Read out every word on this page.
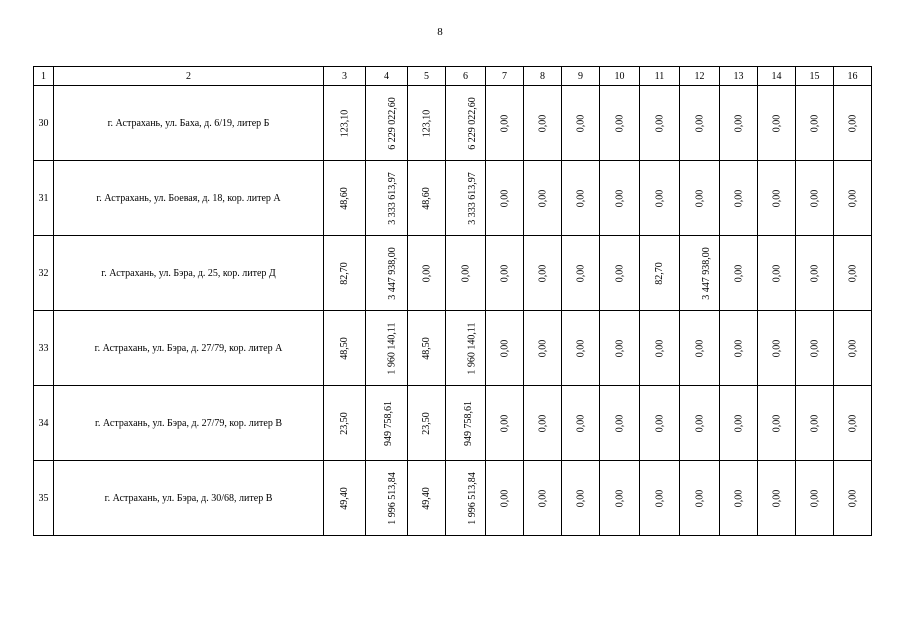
8
1	2	3	4	5	6	7	8	9	10	11	12	13	14	15	16
30	г. Астрахань, ул. Баха, д. 6/19, литер Б	123,10	6 229 022,60	123,10	6 229 022,60	0,00	0,00	0,00	0,00	0,00	0,00	0,00	0,00	0,00	0,00
31	г. Астрахань, ул. Боевая, д. 18, кор. литер А	48,60	3 333 613,97	48,60	3 333 613,97	0,00	0,00	0,00	0,00	0,00	0,00	0,00	0,00	0,00	0,00
32	г. Астрахань, ул. Бэра, д. 25, кор. литер Д	82,70	3 447 938,00	0,00	0,00	0,00	0,00	0,00	0,00	82,70	3 447 938,00	0,00	0,00	0,00	0,00
33	г. Астрахань, ул. Бэра, д. 27/79, кор. литер А	48,50	1 960 140,11	48,50	1 960 140,11	0,00	0,00	0,00	0,00	0,00	0,00	0,00	0,00	0,00	0,00
34	г. Астрахань, ул. Бэра, д. 27/79, кор. литер В	23,50	949 758,61	23,50	949 758,61	0,00	0,00	0,00	0,00	0,00	0,00	0,00	0,00	0,00	0,00
35	г. Астрахань, ул. Бэра, д. 30/68, литер В	49,40	1 996 513,84	49,40	1 996 513,84	0,00	0,00	0,00	0,00	0,00	0,00	0,00	0,00	0,00	0,00
